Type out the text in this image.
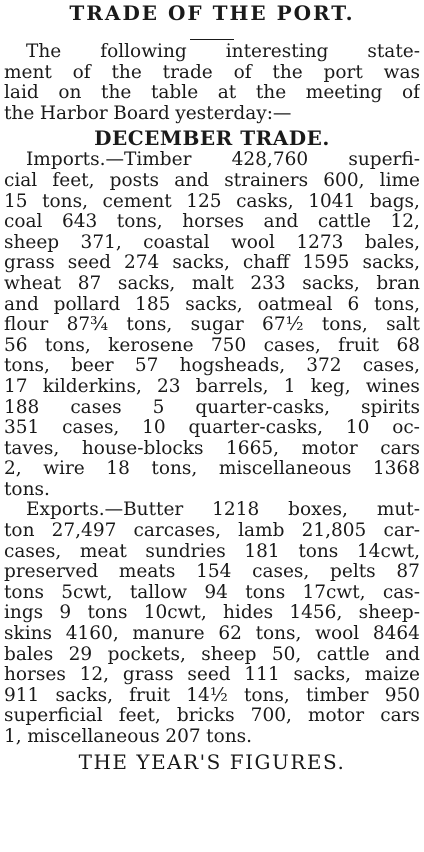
TRADE OF THE PORT.
The following interesting state-
ment of the trade of the port was
laid on the table at the meeting of
the Harbor Board yesterday:—
DECEMBER TRADE.
Imports.—Timber 428,760 superfi-
cial feet, posts and strainers 600, lime
15 tons, cement 125 casks, 1041 bags,
coal 643 tons, horses and cattle 12,
sheep 371, coastal wool 1273 bales,
grass seed 274 sacks, chaff 1595 sacks,
wheat 87 sacks, malt 233 sacks, bran
and pollard 185 sacks, oatmeal 6 tons,
flour 87¾ tons, sugar 67½ tons, salt
56 tons, kerosene 750 cases, fruit 68
tons, beer 57 hogsheads, 372 cases,
17 kilderkins, 23 barrels, 1 keg, wines
188 cases 5 quarter-casks, spirits
351 cases, 10 quarter-casks, 10 oc-
taves, house-blocks 1665, motor cars
2, wire 18 tons, miscellaneous 1368
tons.
Exports.—Butter 1218 boxes, mut-
ton 27,497 carcases, lamb 21,805 car-
cases, meat sundries 181 tons 14cwt,
preserved meats 154 cases, pelts 87
tons 5cwt, tallow 94 tons 17cwt, cas-
ings 9 tons 10cwt, hides 1456, sheep-
skins 4160, manure 62 tons, wool 8464
bales 29 pockets, sheep 50, cattle and
horses 12, grass seed 111 sacks, maize
911 sacks, fruit 14½ tons, timber 950
superficial feet, bricks 700, motor cars
1, miscellaneous 207 tons.
THE YEAR'S FIGURES.
